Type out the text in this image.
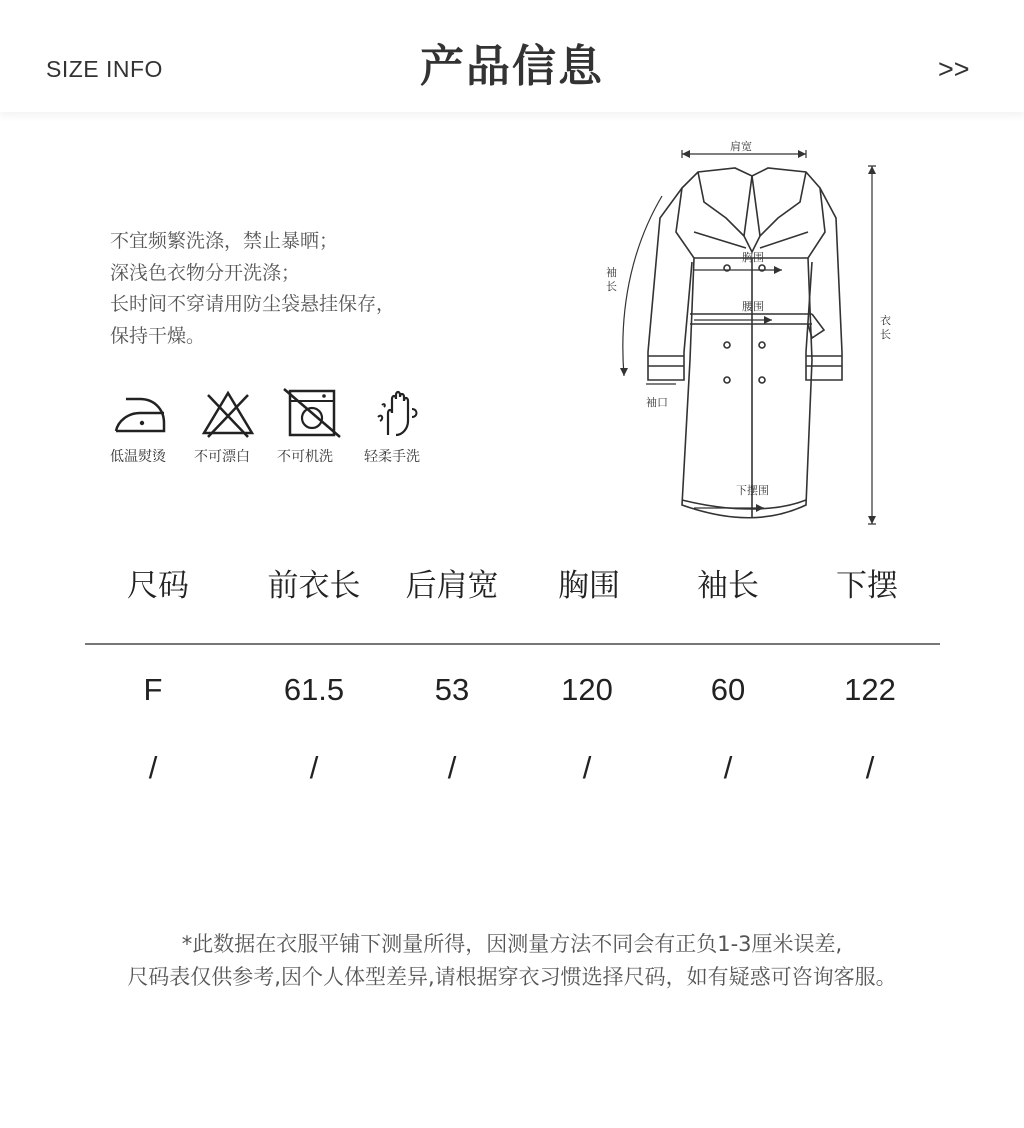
SIZE INFO	产品信息	>>
不宜频繁洗涤，禁止暴晒；
深浅色衣物分开洗涤；
长时间不穿请用防尘袋悬挂保存，
保持干燥。
低温熨烫 不可漂白 不可机洗 轻柔手洗
肩宽
胸围
腰围
袖
长
袖口
衣
长
下摆围
尺码	前衣长 后肩宽 胸围 袖长 下摆
F	61.5	53	120	60	122
/	/	/	/	/	/
*此数据在衣服平铺下测量所得，因测量方法不同会有正负1-3厘米误差,
尺码表仅供参考,因个人体型差异,请根据穿衣习惯选择尺码，如有疑惑可咨询客服。
